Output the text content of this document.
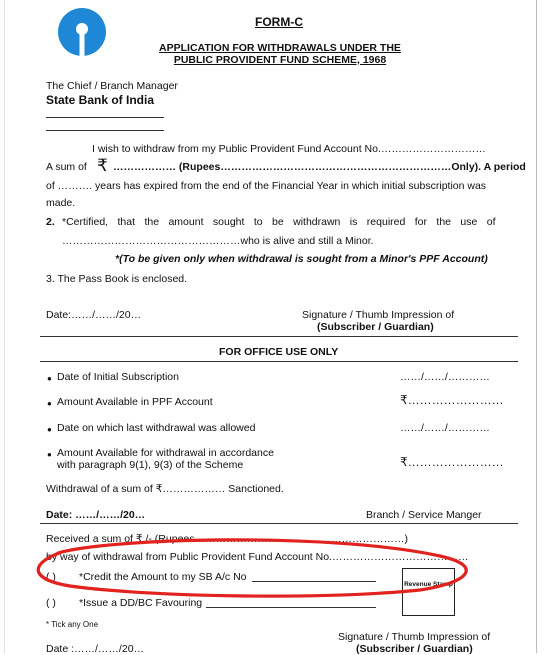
FORM-C
APPLICATION FOR WITHDRAWALS UNDER THE
PUBLIC PROVIDENT FUND SCHEME, 1968
The Chief / Branch Manager
State Bank of India
I wish to withdraw from my Public Provident Fund Account No.…………………………
A sum of ₹ ……………… (Rupees…………………………………………………………Only). A period
of ………. years has expired from the end of the Financial Year in which initial subscription was
made.
2. *Certified, that the amount sought to be withdrawn is required for the use of
……………………………………………who is alive and still a Minor.
*(To be given only when withdrawal is sought from a Minor's PPF Account)
3. The Pass Book is enclosed.
Date:……/……/20…	Signature / Thumb Impression of
(Subscriber / Guardian)
FOR OFFICE USE ONLY
● Date of Initial Subscription	……/……/…………
● Amount Available in PPF Account	₹……………………
● Date on which last withdrawal was allowed	……/……/…………
● Amount Available for withdrawal in accordance
with paragraph 9(1), 9(3) of the Scheme	₹……………………
Withdrawal of a sum of ₹……………… Sanctioned.
Date: ……/……/20…	Branch / Service Manger
Received a sum of ₹ /- (Rupees……………………………………………………)
by way of withdrawal from Public Provident Fund Account No.…………………………………
( ) *Credit the Amount to my SB A/c No
( ) *Issue a DD/BC Favouring
Revenue Stamp
* Tick any One
Signature / Thumb Impression of
(Subscriber / Guardian)
Date :……/……/20…
